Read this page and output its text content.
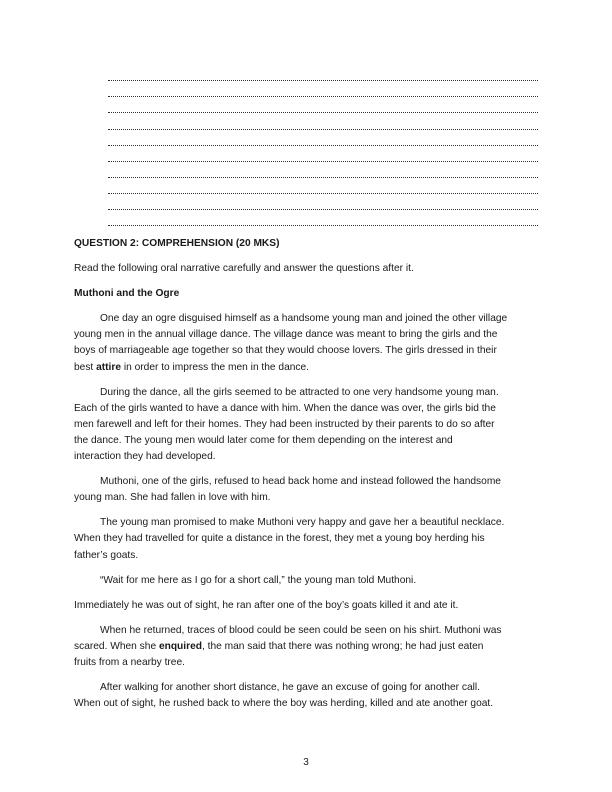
QUESTION 2: COMPREHENSION (20 MKS)
Read the following oral narrative carefully and answer the questions after it.
Muthoni and the Ogre
One day an ogre disguised himself as a handsome young man and joined the other village
young men in the annual village dance. The village dance was meant to bring the girls and the
boys of marriageable age together so that they would choose lovers. The girls dressed in their
best attire in order to impress the men in the dance.
During the dance, all the girls seemed to be attracted to one very handsome young man.
Each of the girls wanted to have a dance with him. When the dance was over, the girls bid the
men farewell and left for their homes. They had been instructed by their parents to do so after
the dance. The young men would later come for them depending on the interest and
interaction they had developed.
Muthoni, one of the girls, refused to head back home and instead followed the handsome
young man. She had fallen in love with him.
The young man promised to make Muthoni very happy and gave her a beautiful necklace.
When they had travelled for quite a distance in the forest, they met a young boy herding his
father’s goats.
“Wait for me here as I go for a short call,” the young man told Muthoni.
Immediately he was out of sight, he ran after one of the boy’s goats killed it and ate it.
When he returned, traces of blood could be seen could be seen on his shirt. Muthoni was
scared. When she enquired, the man said that there was nothing wrong; he had just eaten
fruits from a nearby tree.
After walking for another short distance, he gave an excuse of going for another call.
When out of sight, he rushed back to where the boy was herding, killed and ate another goat.
3
